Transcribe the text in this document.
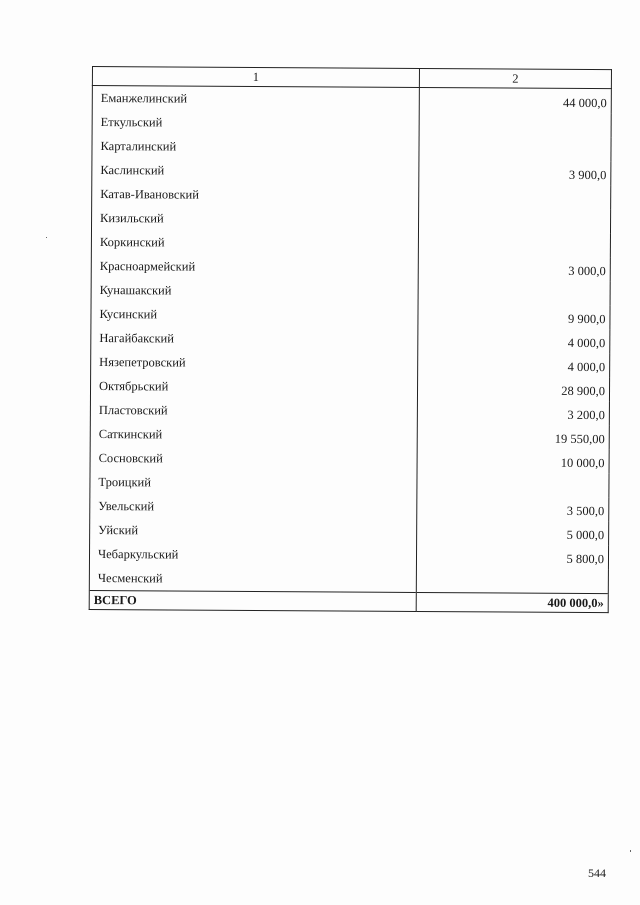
1	2
Еманжелинский	44 000,0
Еткульский	
Карталинский	
Каслинский	3 900,0
Катав-Ивановский	
Кизильский	
Коркинский	
Красноармейский	3 000,0
Кунашакский	
Кусинский	9 900,0
Нагайбакский	4 000,0
Нязепетровский	4 000,0
Октябрьский	28 900,0
Пластовский	3 200,0
Саткинский	19 550,00
Сосновский	10 000,0
Троицкий	
Увельский	3 500,0
Уйский	5 000,0
Чебаркульский	5 800,0
Чесменский	
ВСЕГО	400 000,0»
544
